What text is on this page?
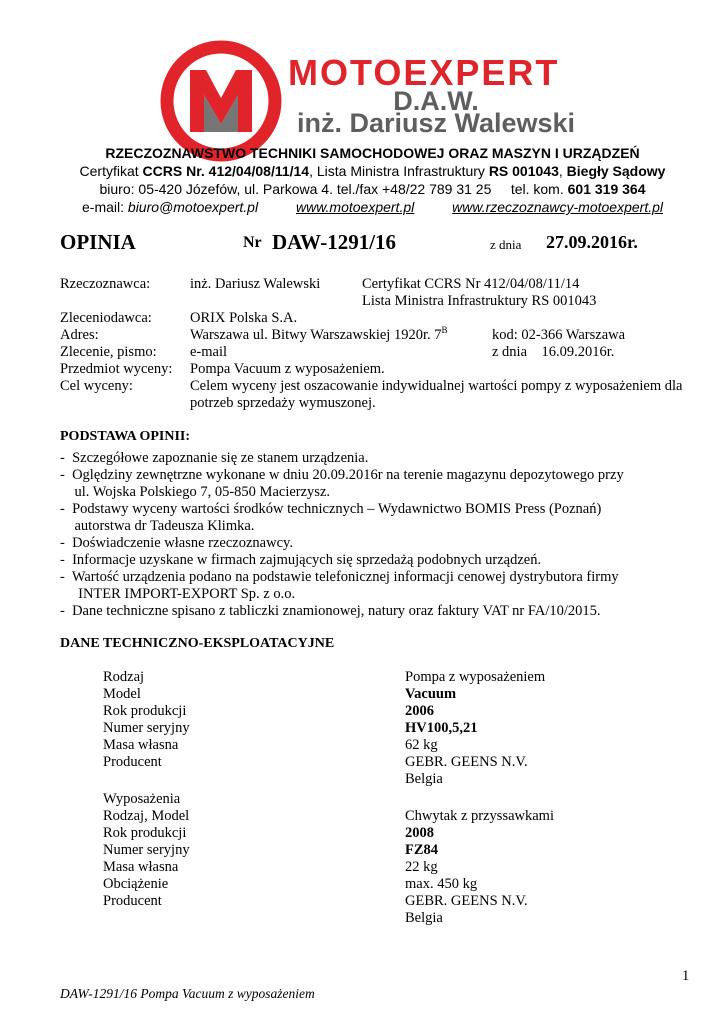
MOTOEXPERT
D.A.W.
inż. Dariusz Walewski
RZECZOZNAWSTWO TECHNIKI SAMOCHODOWEJ ORAZ MASZYN I URZĄDZEŃ
Certyfikat CCRS Nr. 412/04/08/11/14, Lista Ministra Infrastruktury RS 001043, Biegły Sądowy
biuro: 05-420 Józefów, ul. Parkowa 4. tel./fax +48/22 789 31 25     tel. kom. 601 319 364
e-mail: biuro@motoexpert.pl	www.motoexpert.pl	www.rzeczoznawcy-motoexpert.pl
OPINIA	Nr DAW-1291/16	z dnia 27.09.2016r.
Rzeczoznawca:	inż. Dariusz Walewski	Certyfikat CCRS Nr 412/04/08/11/14
Lista Ministra Infrastruktury RS 001043
Zleceniodawca:	ORIX Polska S.A.
Adres:	Warszawa ul. Bitwy Warszawskiej 1920r. $7^B$	kod: 02-366 Warszawa
Zlecenie, pismo: e-mail	z dnia    16.09.2016r.
Przedmiot wyceny: Pompa Vacuum z wyposażeniem.
Cel wyceny:	Celem wyceny jest oszacowanie indywidualnej wartości pompy z wyposażeniem dla
potrzeb sprzedaży wymuszonej.
PODSTAWA OPINII:
-  Szczegółowe zapoznanie się ze stanem urządzenia.
-  Oględziny zewnętrzne wykonane w dniu 20.09.2016r na terenie magazynu depozytowego przy
ul. Wojska Polskiego 7, 05-850 Macierzysz.
-  Podstawy wyceny wartości środków technicznych – Wydawnictwo BOMIS Press (Poznań)
autorstwa dr Tadeusza Klimka.
-  Doświadczenie własne rzeczoznawcy.
-  Informacje uzyskane w firmach zajmujących się sprzedażą podobnych urządzeń.
-  Wartość urządzenia podano na podstawie telefonicznej informacji cenowej dystrybutora firmy
INTER IMPORT-EXPORT Sp. z o.o.
-  Dane techniczne spisano z tabliczki znamionowej, natury oraz faktury VAT nr FA/10/2015.
DANE TECHNICZNO-EKSPLOATACYJNE
Rodzaj	Pompa z wyposażeniem
Model	Vacuum
Rok produkcji	2006
Numer seryjny	HV100,5,21
Masa własna	62 kg
Producent	GEBR. GEENS N.V.
Belgia
Wyposażenia
Rodzaj, Model	Chwytak z przyssawkami
Rok produkcji	2008
Numer seryjny	FZ84
Masa własna	22 kg
Obciążenie	max. 450 kg
Producent	GEBR. GEENS N.V.
Belgia
1
DAW-1291/16 Pompa Vacuum z wyposażeniem
